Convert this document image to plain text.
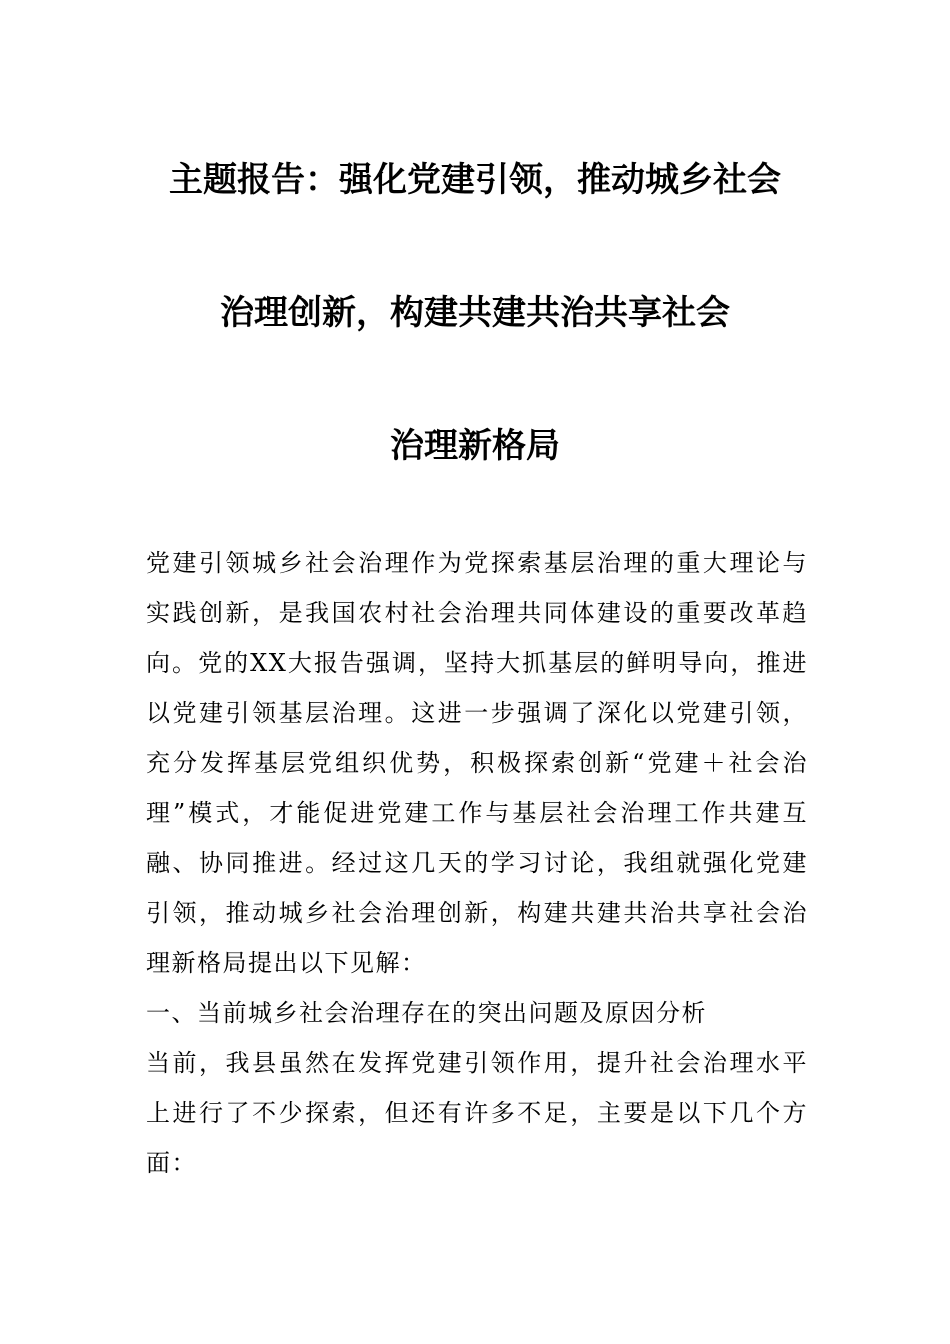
主题报告：强化党建引领，推动城乡社会

治理创新，构建共建共治共享社会

治理新格局

党建引领城乡社会治理作为党探索基层治理的重大理论与实践创新，是我国农村社会治理共同体建设的重要改革趋向。党的XX大报告强调，坚持大抓基层的鲜明导向，推进以党建引领基层治理。这进一步强调了深化以党建引领，充分发挥基层党组织优势，积极探索创新“党建＋社会治理”模式，才能促进党建工作与基层社会治理工作共建互融、协同推进。经过这几天的学习讨论，我组就强化党建引领，推动城乡社会治理创新，构建共建共治共享社会治理新格局提出以下见解：

一、当前城乡社会治理存在的突出问题及原因分析

当前，我县虽然在发挥党建引领作用，提升社会治理水平上进行了不少探索，但还有许多不足，主要是以下几个方面：
